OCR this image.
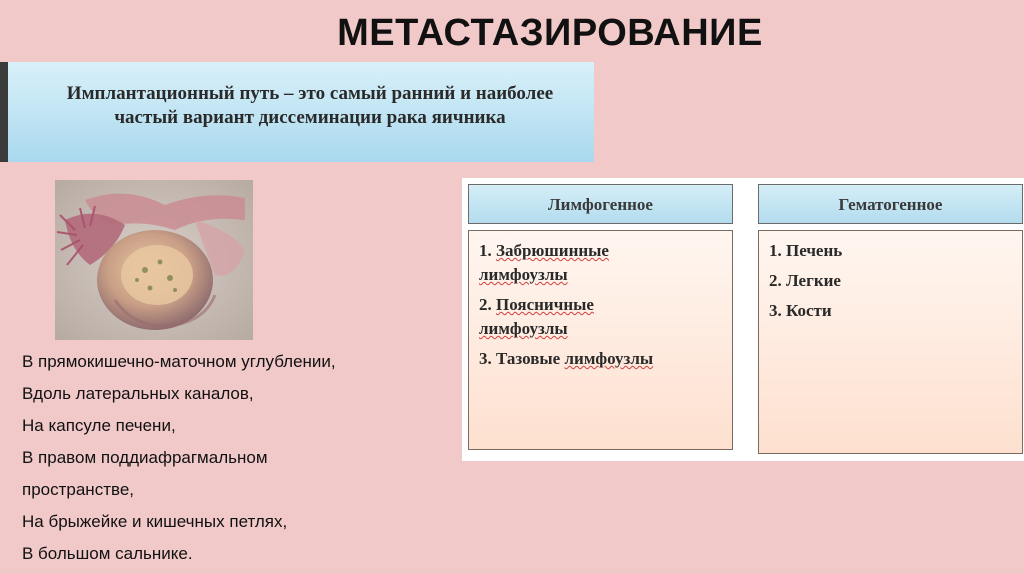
МЕТАСТАЗИРОВАНИЕ
Имплантационный путь – это самый ранний и наиболее
частый вариант диссеминации рака яичника
В прямокишечно-маточном углублении,
Вдоль латеральных каналов,
На капсуле печени,
В правом поддиафрагмальном
пространстве,
На брыжейке и кишечных петлях,
В большом сальнике.
Лимфогенное
1. Забрюшинные
лимфоузлы
2. Поясничные
лимфоузлы
3. Тазовые лимфоузлы
Гематогенное
1. Печень
2. Легкие
3. Кости
